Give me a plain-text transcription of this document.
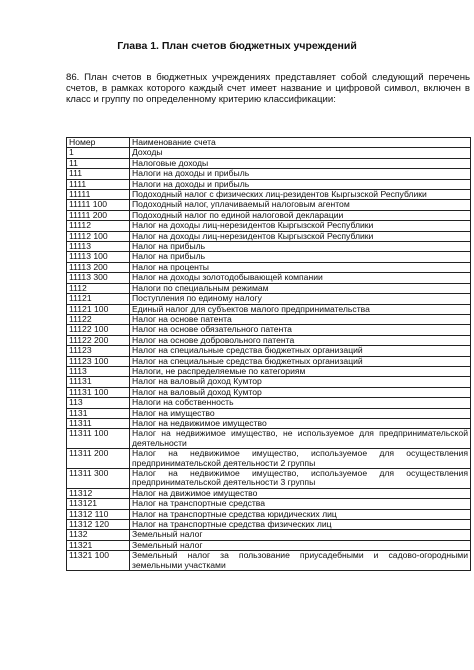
Глава 1. План счетов бюджетных учреждений
86. План счетов в бюджетных учреждениях представляет собой следующий перечень счетов, в рамках которого каждый счет имеет название и цифровой символ, включен в класс и группу по определенному критерию классификации:
Номер	Наименование счета
1	Доходы
11	Налоговые доходы
111	Налоги на доходы и прибыль
1111	Налоги на доходы и прибыль
11111	Подоходный налог с физических лиц-резидентов Кыргызской Республики
11111 100	Подоходный налог, уплачиваемый налоговым агентом
11111 200	Подоходный налог по единой налоговой декларации
11112	Налог на доходы лиц-нерезидентов Кыргызской Республики
11112 100	Налог на доходы лиц-нерезидентов Кыргызской Республики
11113	Налог на прибыль
11113 100	Налог на прибыль
11113 200	Налог на проценты
11113 300	Налог на доходы золотодобывающей компании
1112	Налоги по специальным режимам
11121	Поступления по единому налогу
11121 100	Единый налог для субъектов малого предпринимательства
11122	Налог на основе патента
11122 100	Налог на основе обязательного патента
11122 200	Налог на основе добровольного патента
11123	Налог на специальные средства бюджетных организаций
11123 100	Налог на специальные средства бюджетных организаций
1113	Налоги, не распределяемые по категориям
11131	Налог на валовый доход Кумтор
11131 100	Налог на валовый доход Кумтор
113	Налоги на собственность
1131	Налог на имущество
11311	Налог на недвижимое имущество
11311 100	Налог на недвижимое имущество, не используемое для предпринимательской деятельности
11311 200	Налог на недвижимое имущество, используемое для осуществления предпринимательской деятельности 2 группы
11311 300	Налог на недвижимое имущество, используемое для осуществления предпринимательской деятельности 3 группы
11312	Налог на движимое имущество
113121	Налог на транспортные средства
11312 110	Налог на транспортные средства юридических лиц
11312 120	Налог на транспортные средства физических лиц
1132	Земельный налог
11321	Земельный налог
11321 100	Земельный налог за пользование приусадебными и садово-огородными земельными участками
